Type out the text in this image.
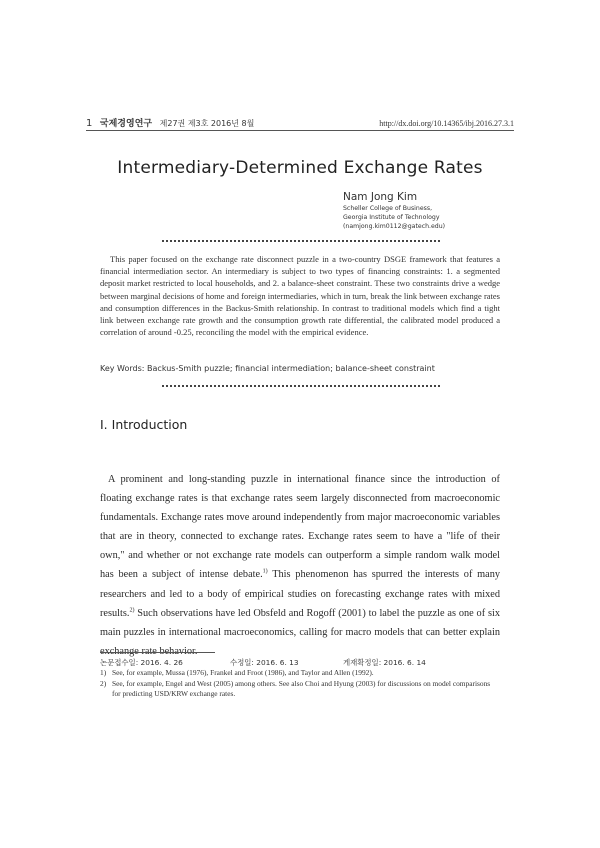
1 국제경영연구 제27권 제3호 2016년 8월	http://dx.doi.org/10.14365/ibj.2016.27.3.1
Intermediary-Determined Exchange Rates
Nam Jong Kim
Scheller College of Business,
Georgia Institute of Technology
(namjong.kim0112@gatech.edu)
This paper focused on the exchange rate disconnect puzzle in a two-country DSGE framework that features a financial intermediation sector. An intermediary is subject to two types of financing constraints: 1. a segmented deposit market restricted to local households, and 2. a balance-sheet constraint. These two constraints drive a wedge between marginal decisions of home and foreign intermediaries, which in turn, break the link between exchange rates and consumption differences in the Backus-Smith relationship. In contrast to traditional models which find a tight link between exchange rate growth and the consumption growth rate differential, the calibrated model produced a correlation of around -0.25, reconciling the model with the empirical evidence.
Key Words: Backus-Smith puzzle; financial intermediation; balance-sheet constraint
Ⅰ. Introduction
A prominent and long-standing puzzle in international finance since the introduction of floating exchange rates is that exchange rates seem largely disconnected from macroeconomic fundamentals. Exchange rates move around independently from major macroeconomic variables that are in theory, connected to exchange rates. Exchange rates seem to have a "life of their own," and whether or not exchange rate models can outperform a simple random walk model has been a subject of intense debate.$^{1)}$ This phenomenon has spurred the interests of many researchers and led to a body of empirical studies on forecasting exchange rates with mixed results.$^{2)}$ Such observations have led Obsfeld and Rogoff (2001) to label the puzzle as one of six main puzzles in international macroeconomics, calling for macro models that can better explain exchange rate behavior.
논문접수일: 2016. 4. 26	수정일: 2016. 6. 13	게재확정일: 2016. 6. 14
1) See, for example, Mussa (1976), Frankel and Froot (1986), and Taylor and Allen (1992).
2) See, for example, Engel and West (2005) among others. See also Choi and Hyung (2003) for discussions on model comparisons for predicting USD/KRW exchange rates.
